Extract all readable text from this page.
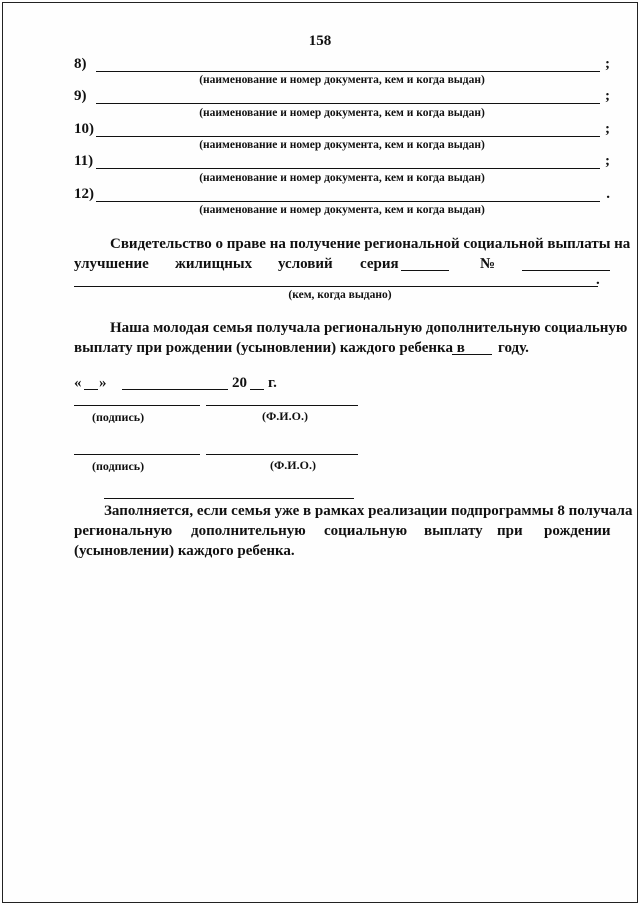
158
8)	;
(наименование и номер документа, кем и когда выдан)
9)	;
(наименование и номер документа, кем и когда выдан)
10)	;
(наименование и номер документа, кем и когда выдан)
11)	;
(наименование и номер документа, кем и когда выдан)
12)	.
(наименование и номер документа, кем и когда выдан)
Свидетельство о праве на получение региональной социальной выплаты на
улучшение жилищных условий серия	№
.
(кем, когда выдано)
Наша молодая семья получала региональную дополнительную социальную
выплату при рождении (усыновлении) каждого ребенка в году.
« »	20 г.
(подпись)	(Ф.И.О.)
(подпись)	(Ф.И.О.)
Заполняется, если семья уже в рамках реализации подпрограммы 8 получала
региональную дополнительную социальную выплату при рождении
(усыновлении) каждого ребенка.
